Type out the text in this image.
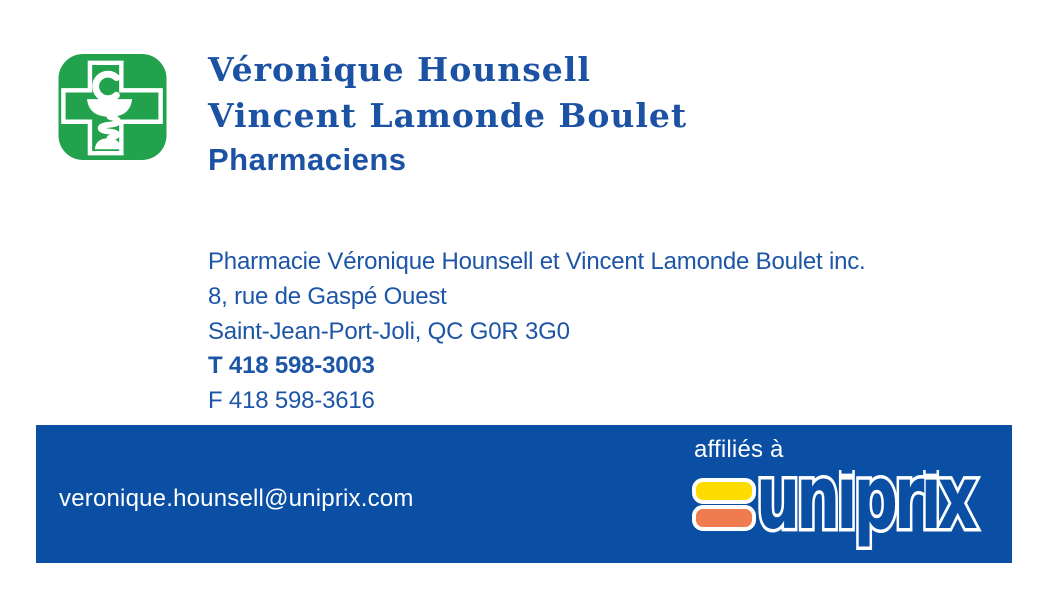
Véronique Hounsell
Vincent Lamonde Boulet
Pharmaciens
Pharmacie Véronique Hounsell et Vincent Lamonde Boulet inc.
8, rue de Gaspé Ouest
Saint-Jean-Port-Joli, QC G0R 3G0
T 418 598-3003
F 418 598-3616
veronique.hounsell@uniprix.com
affiliés à
uniprix
